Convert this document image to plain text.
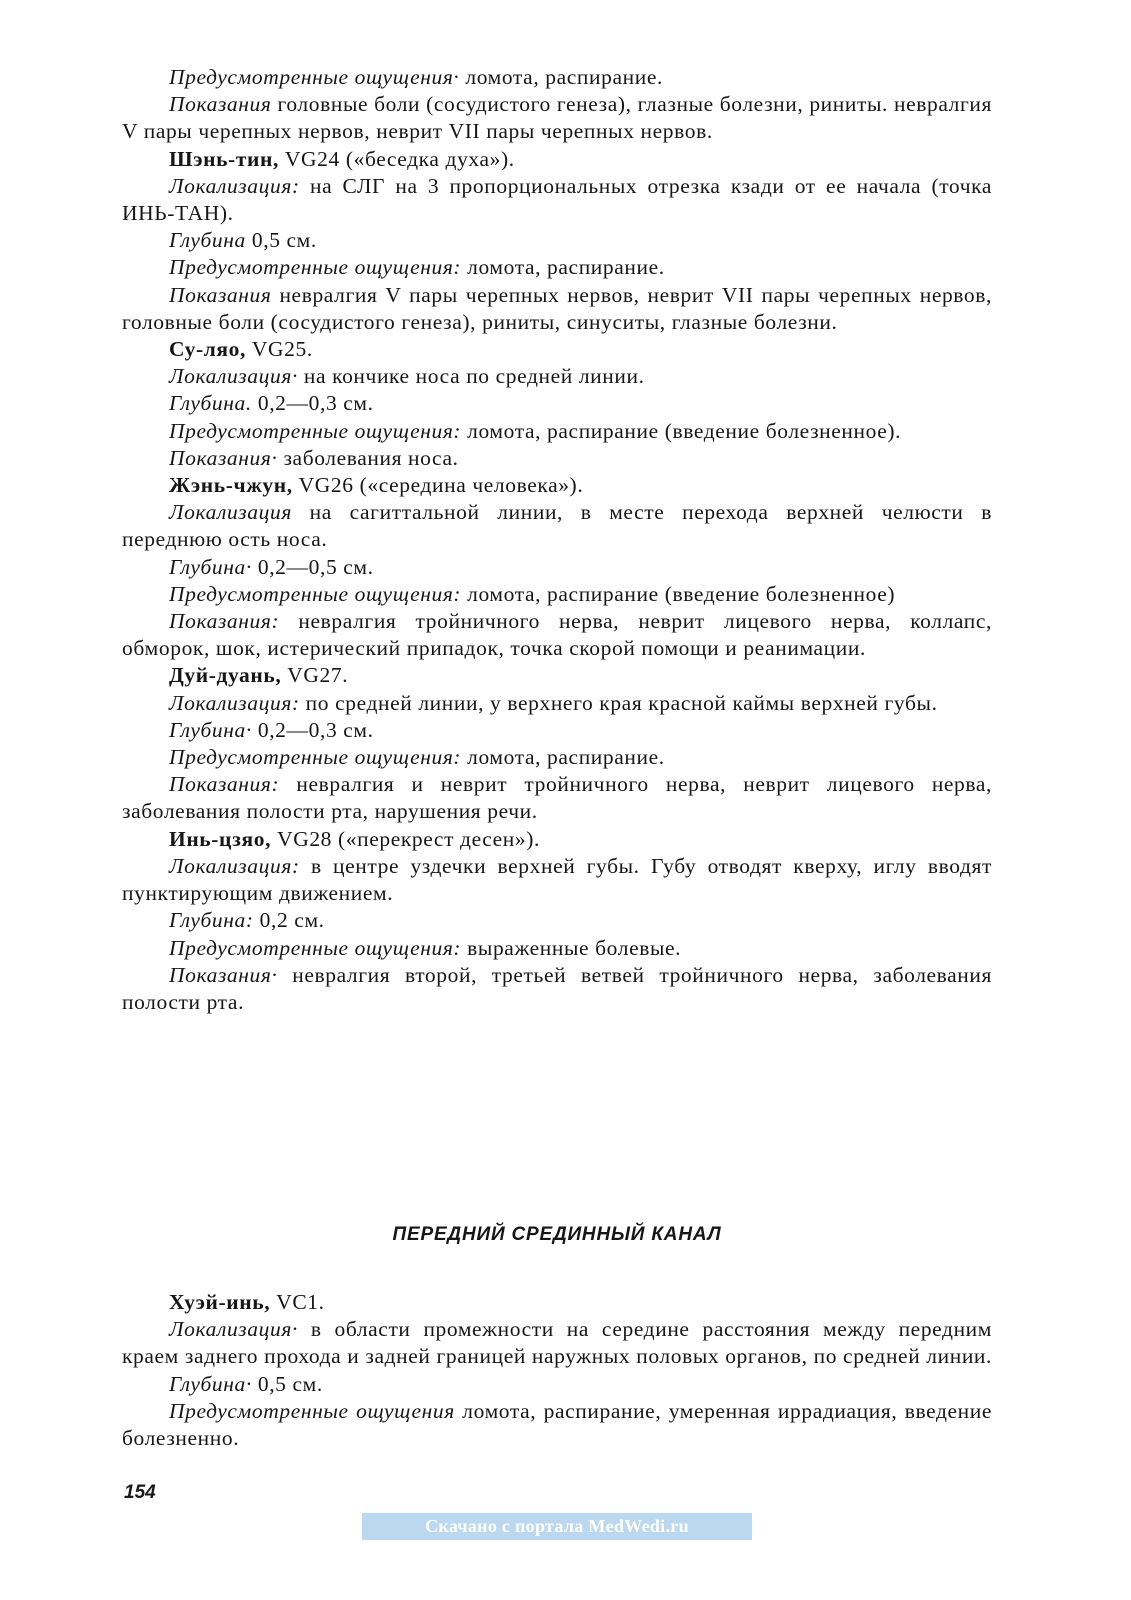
Предусмотренные ощущения· ломота, распирание.

Показания головные боли (сосудистого генеза), глазные болезни, риниты. невралгия V пары черепных нервов, неврит VII пары черепных нервов.

Шэнь-тин, VG24 («беседка духа»).

Локализация: на СЛГ на 3 пропорциональных отрезка кзади от ее начала (точка ИНЬ-ТАН).

Глубина 0,5 см.

Предусмотренные ощущения: ломота, распирание.

Показания невралгия V пары черепных нервов, неврит VII пары черепных нервов, головные боли (сосудистого генеза), риниты, синуситы, глазные болезни.

Су-ляо, VG25.

Локализация· на кончике носа по средней линии.

Глубина. 0,2—0,3 см.

Предусмотренные ощущения: ломота, распирание (введение болезненное).

Показания· заболевания носа.

Жэнь-чжун, VG26 («середина человека»).

Локализация на сагиттальной линии, в месте перехода верхней челюсти в переднюю ость носа.

Глубина· 0,2—0,5 см.

Предусмотренные ощущения: ломота, распирание (введение болезненное)

Показания: невралгия тройничного нерва, неврит лицевого нерва, коллапс, обморок, шок, истерический припадок, точка скорой помощи и реанимации.

Дуй-дуань, VG27.

Локализация: по средней линии, у верхнего края красной каймы верхней губы.

Глубина· 0,2—0,3 см.

Предусмотренные ощущения: ломота, распирание.

Показания: невралгия и неврит тройничного нерва, неврит лицевого нерва, заболевания полости рта, нарушения речи.

Инь-цзяо, VG28 («перекрест десен»).

Локализация: в центре уздечки верхней губы. Губу отводят кверху, иглу вводят пунктирующим движением.

Глубина: 0,2 см.

Предусмотренные ощущения: выраженные болевые.

Показания· невралгия второй, третьей ветвей тройничного нерва, заболевания полости рта.

ПЕРЕДНИЙ СРЕДИННЫЙ КАНАЛ

Хуэй-инь, VC1.

Локализация· в области промежности на середине расстояния между передним краем заднего прохода и задней границей наружных половых органов, по средней линии.

Глубина· 0,5 см.

Предусмотренные ощущения ломота, распирание, умеренная иррадиация, введение болезненно.

154
Скачано с портала MedWedi.ru
